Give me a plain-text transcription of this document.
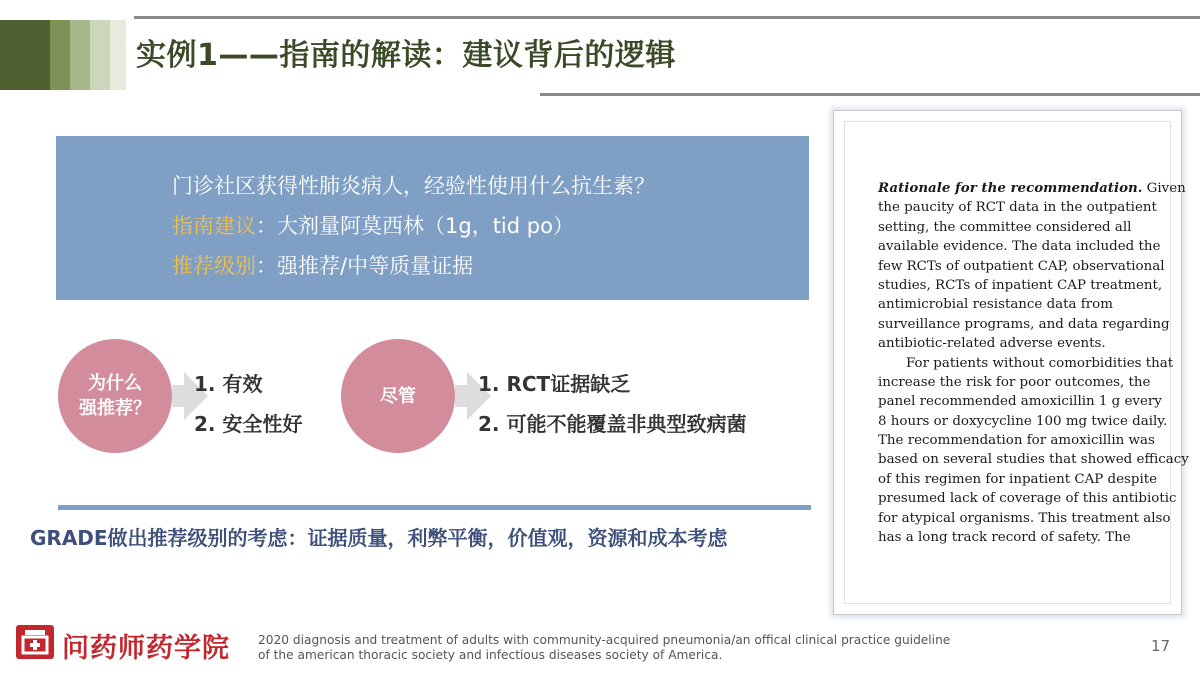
实例1——指南的解读：建议背后的逻辑
门诊社区获得性肺炎病人，经验性使用什么抗生素？
指南建议：大剂量阿莫西林（1g，tid po）
推荐级别：强推荐/中等质量证据
为什么
强推荐？
1. 有效
2. 安全性好
尽管	1. RCT证据缺乏
2. 可能不能覆盖非典型致病菌
GRADE做出推荐级别的考虑：证据质量，利弊平衡，价值观，资源和成本考虑
Rationale for the recommendation. Given
the paucity of RCT data in the outpatient
setting, the committee considered all
available evidence. The data included the
few RCTs of outpatient CAP, observational
studies, RCTs of inpatient CAP treatment,
antimicrobial resistance data from
surveillance programs, and data regarding
antibiotic-related adverse events.
For patients without comorbidities that
increase the risk for poor outcomes, the
panel recommended amoxicillin 1 g every
8 hours or doxycycline 100 mg twice daily.
The recommendation for amoxicillin was
based on several studies that showed efficacy
of this regimen for inpatient CAP despite
presumed lack of coverage of this antibiotic
for atypical organisms. This treatment also
has a long track record of safety. The
问药师药学院 2020 diagnosis and treatment of adults with community-acquired pneumonia/an offical clinical practice guideline
of the american thoracic society and infectious diseases society of America.	17
